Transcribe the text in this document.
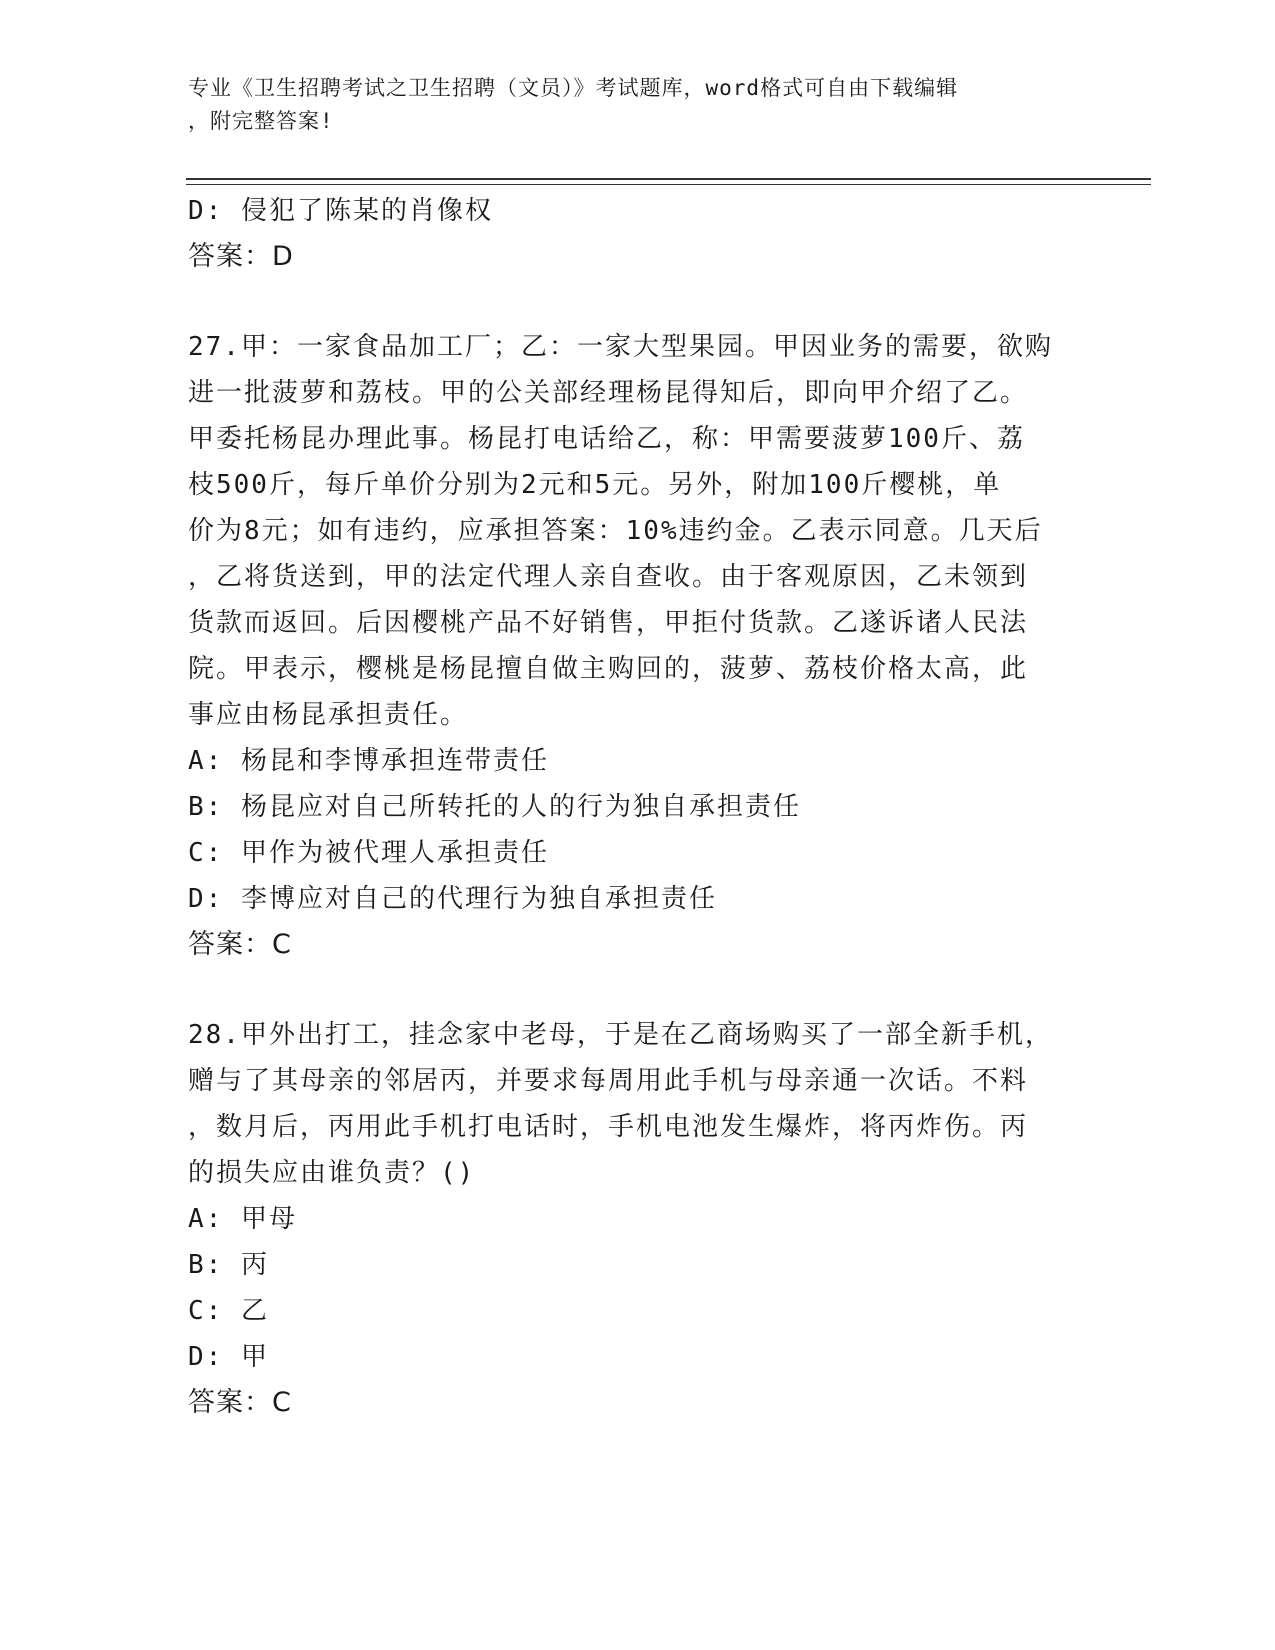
专业《卫生招聘考试之卫生招聘（文员）》考试题库，word格式可自由下载编辑
，附完整答案!
D: 侵犯了陈某的肖像权
答案：D
27.甲：一家食品加工厂；乙：一家大型果园。甲因业务的需要，欲购
进一批菠萝和荔枝。甲的公关部经理杨昆得知后，即向甲介绍了乙。
甲委托杨昆办理此事。杨昆打电话给乙，称：甲需要菠萝100斤、荔
枝500斤，每斤单价分别为2元和5元。另外，附加100斤樱桃，单
价为8元；如有违约，应承担答案：10%违约金。乙表示同意。几天后
，乙将货送到，甲的法定代理人亲自查收。由于客观原因，乙未领到
货款而返回。后因樱桃产品不好销售，甲拒付货款。乙遂诉诸人民法
院。甲表示，樱桃是杨昆擅自做主购回的，菠萝、荔枝价格太高，此
事应由杨昆承担责任。
A: 杨昆和李博承担连带责任
B: 杨昆应对自己所转托的人的行为独自承担责任
C: 甲作为被代理人承担责任
D: 李博应对自己的代理行为独自承担责任
答案：C
28.甲外出打工，挂念家中老母，于是在乙商场购买了一部全新手机，
赠与了其母亲的邻居丙，并要求每周用此手机与母亲通一次话。不料
，数月后，丙用此手机打电话时，手机电池发生爆炸，将丙炸伤。丙
的损失应由谁负责？()
A: 甲母
B: 丙
C: 乙
D: 甲
答案：C
